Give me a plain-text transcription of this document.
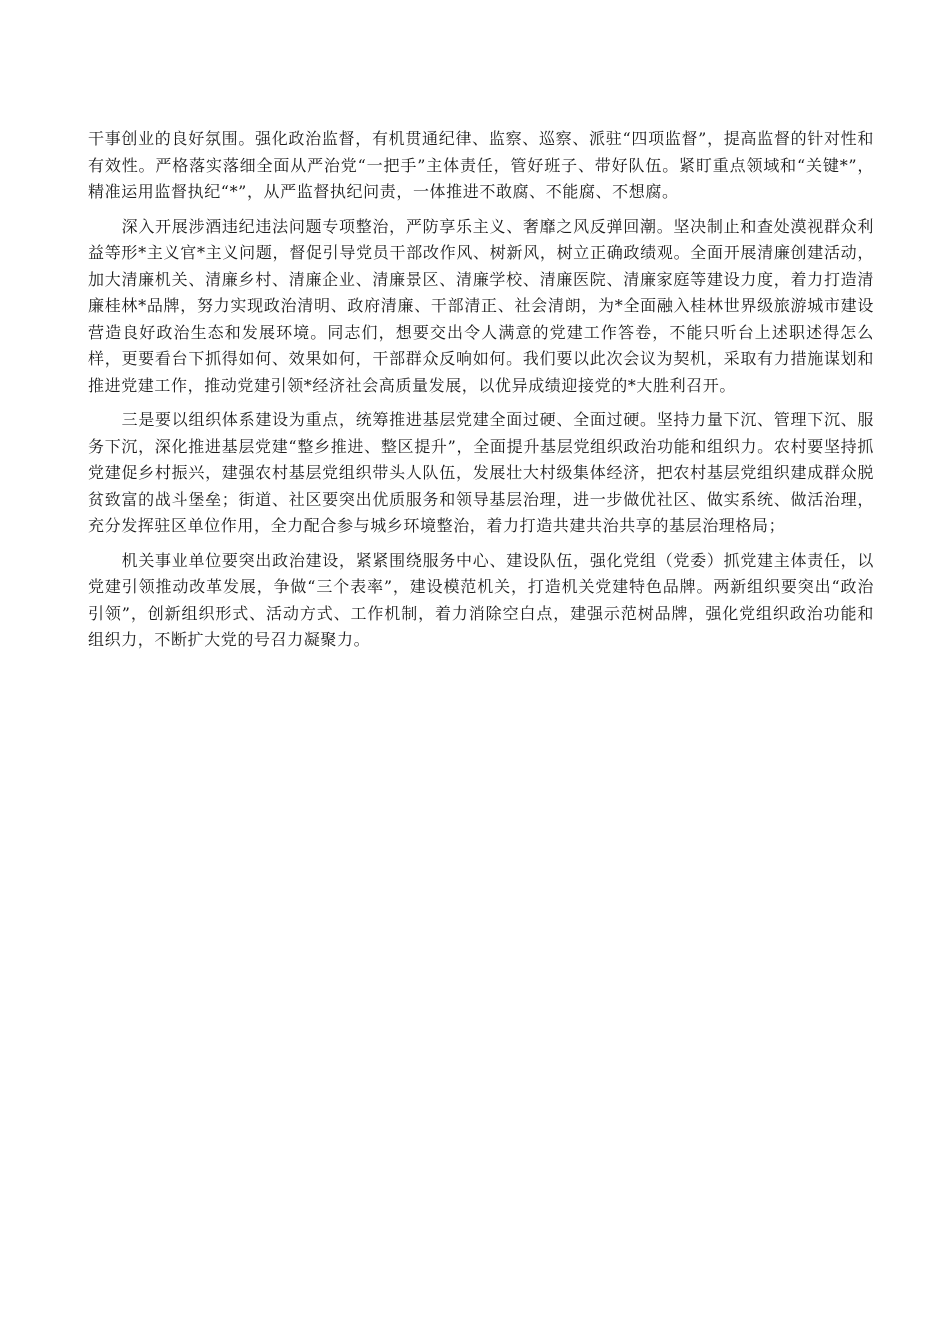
干事创业的良好氛围。强化政治监督，有机贯通纪律、监察、巡察、派驻“四项监督”，提高监督的针对性和有效性。严格落实落细全面从严治党“一把手”主体责任，管好班子、带好队伍。紧盯重点领域和“关键*”，精准运用监督执纪“*”，从严监督执纪问责，一体推进不敢腐、不能腐、不想腐。

深入开展涉酒违纪违法问题专项整治，严防享乐主义、奢靡之风反弹回潮。坚决制止和查处漠视群众利益等形*主义官*主义问题，督促引导党员干部改作风、树新风，树立正确政绩观。全面开展清廉创建活动，加大清廉机关、清廉乡村、清廉企业、清廉景区、清廉学校、清廉医院、清廉家庭等建设力度，着力打造清廉桂林*品牌，努力实现政治清明、政府清廉、干部清正、社会清朗，为*全面融入桂林世界级旅游城市建设营造良好政治生态和发展环境。同志们，想要交出令人满意的党建工作答卷，不能只听台上述职述得怎么样，更要看台下抓得如何、效果如何，干部群众反响如何。我们要以此次会议为契机，采取有力措施谋划和推进党建工作，推动党建引领*经济社会高质量发展，以优异成绩迎接党的*大胜利召开。

三是要以组织体系建设为重点，统筹推进基层党建全面过硬、全面过硬。坚持力量下沉、管理下沉、服务下沉，深化推进基层党建“整乡推进、整区提升”，全面提升基层党组织政治功能和组织力。农村要坚持抓党建促乡村振兴，建强农村基层党组织带头人队伍，发展壮大村级集体经济，把农村基层党组织建成群众脱贫致富的战斗堡垒；街道、社区要突出优质服务和领导基层治理，进一步做优社区、做实系统、做活治理，充分发挥驻区单位作用，全力配合参与城乡环境整治，着力打造共建共治共享的基层治理格局；

机关事业单位要突出政治建设，紧紧围绕服务中心、建设队伍，强化党组（党委）抓党建主体责任，以党建引领推动改革发展，争做“三个表率”，建设模范机关，打造机关党建特色品牌。两新组织要突出“政治引领”，创新组织形式、活动方式、工作机制，着力消除空白点，建强示范树品牌，强化党组织政治功能和组织力，不断扩大党的号召力凝聚力。
